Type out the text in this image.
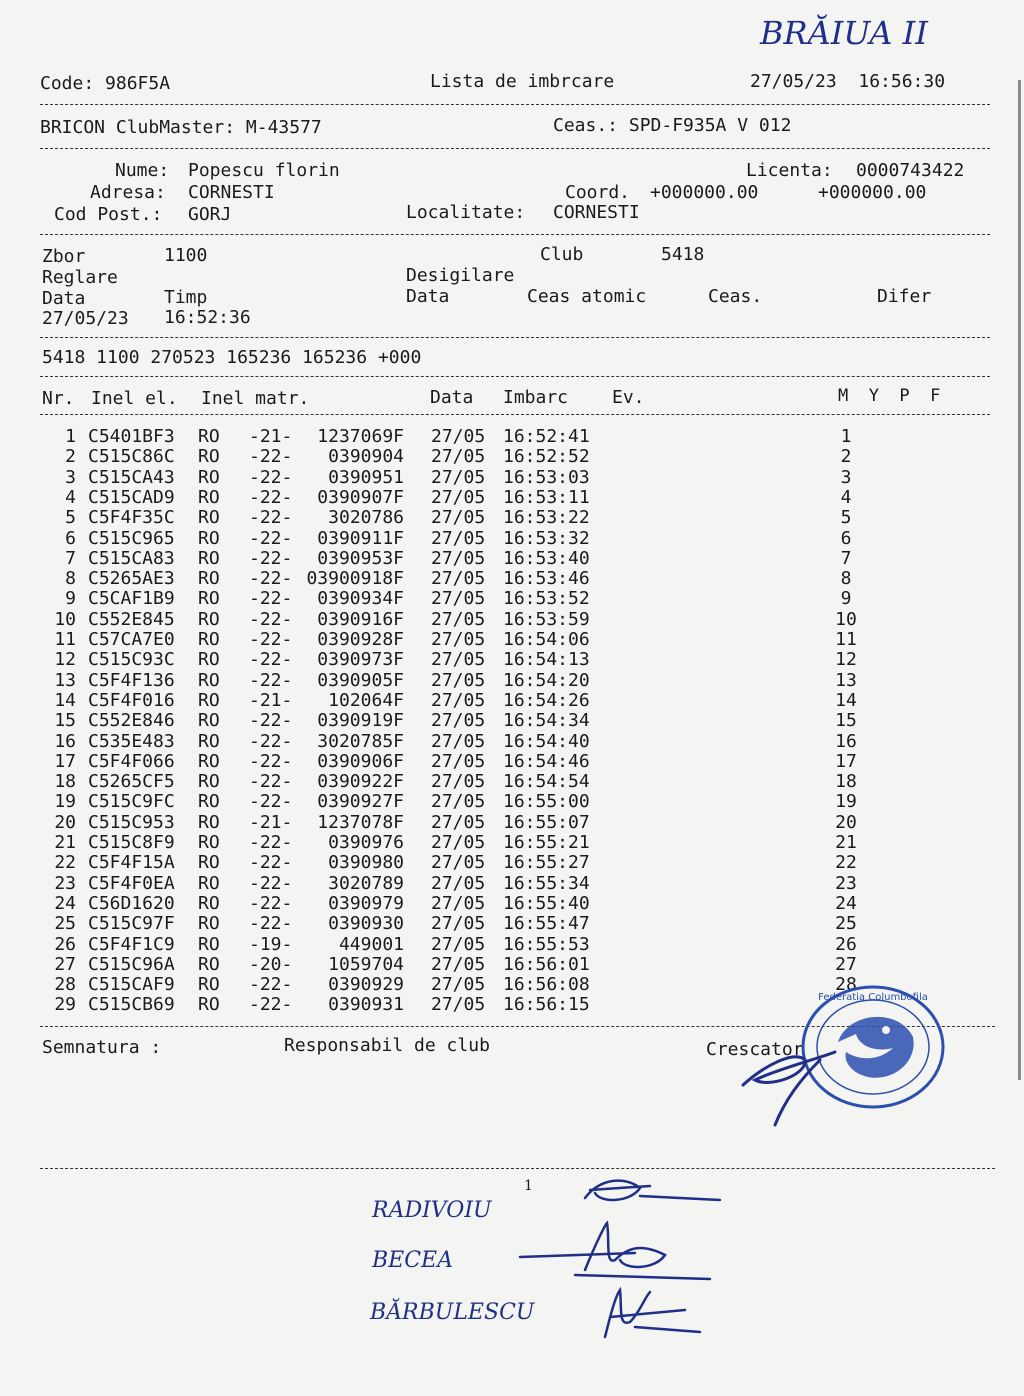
BRĂIUA II
Code: 986F5A	Lista de imbrcare	27/05/23  16:56:30
BRICON ClubMaster: M-43577	Ceas.: SPD-F935A V 012
Nume: Popescu florin	Licenta: 0000743422
Adresa: CORNESTI	Coord. +000000.00	+000000.00
Cod Post.: GORJ	Localitate: CORNESTI
Zbor	1100	Club	5418
Reglare	Desigilare
Data	Timp	Data	Ceas atomic	Ceas.	Difer
27/05/23 16:52:36
5418 1100 270523 165236 165236 +000
Nr. Inel el. Inel matr.	Data Imbarc Ev.	M  Y  P  F
1 C5401BF3 RO -21-	1237069F 27/05 16:52:41	1
2 C515C86C RO -22-	0390904 27/05 16:52:52	2
3 C515CA43 RO -22-	0390951 27/05 16:53:03	3
4 C515CAD9 RO -22-	0390907F 27/05 16:53:11	4
5 C5F4F35C RO -22-	3020786 27/05 16:53:22	5
6 C515C965 RO -22-	0390911F 27/05 16:53:32	6
7 C515CA83 RO -22-	0390953F 27/05 16:53:40	7
8 C5265AE3 RO -22- 03900918F 27/05 16:53:46	8
9 C5CAF1B9 RO -22-	0390934F 27/05 16:53:52	9
10 C552E845 RO -22-	0390916F 27/05 16:53:59	10
11 C57CA7E0 RO -22-	0390928F 27/05 16:54:06	11
12 C515C93C RO -22-	0390973F 27/05 16:54:13	12
13 C5F4F136 RO -22-	0390905F 27/05 16:54:20	13
14 C5F4F016 RO -21-	102064F 27/05 16:54:26	14
15 C552E846 RO -22-	0390919F 27/05 16:54:34	15
16 C535E483 RO -22-	3020785F 27/05 16:54:40	16
17 C5F4F066 RO -22-	0390906F 27/05 16:54:46	17
18 C5265CF5 RO -22-	0390922F 27/05 16:54:54	18
19 C515C9FC RO -22-	0390927F 27/05 16:55:00	19
20 C515C953 RO -21-	1237078F 27/05 16:55:07	20
21 C515C8F9 RO -22-	0390976 27/05 16:55:21	21
22 C5F4F15A RO -22-	0390980 27/05 16:55:27	22
23 C5F4F0EA RO -22-	3020789 27/05 16:55:34	23
24 C56D1620 RO -22-	0390979 27/05 16:55:40	24
25 C515C97F RO -22-	0390930 27/05 16:55:47	25
26 C5F4F1C9 RO -19-	449001 27/05 16:55:53	26
27 C515C96A RO -20-	1059704 27/05 16:56:01	27
28 C515CAF9 RO -22-	0390929 27/05 16:56:08	28
29 C515CB69 RO -22-	0390931 27/05 16:56:15
Semnatura :	Responsabil de club	Crescator
Federatia Columbofila
RADIVOIU
1
BECEA
BĂRBULESCU
